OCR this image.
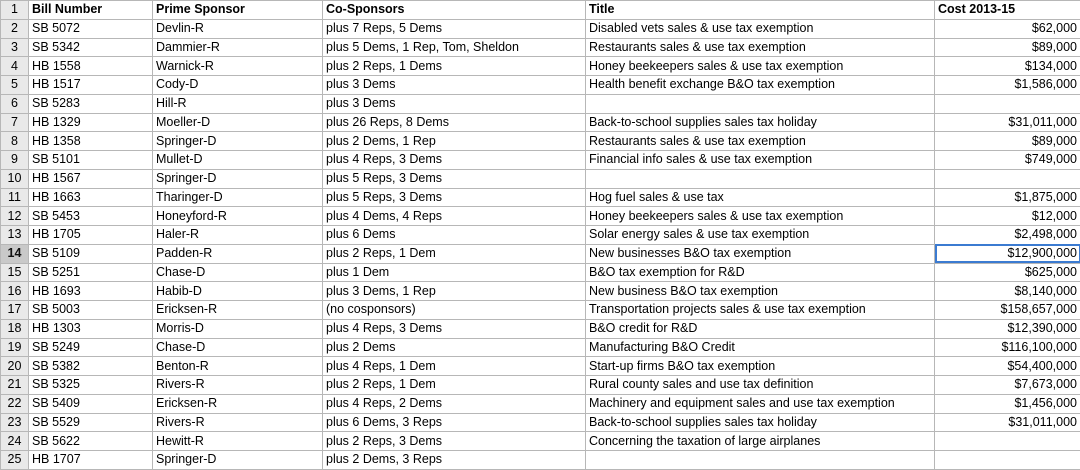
1	Bill Number	Prime Sponsor	Co-Sponsors	Title	Cost 2013-15
2	SB 5072	Devlin-R	plus 7 Reps, 5 Dems	Disabled vets sales & use tax exemption	$62,000
3	SB 5342	Dammier-R	plus 5 Dems, 1 Rep, Tom, Sheldon	Restaurants sales & use tax exemption	$89,000
4	HB 1558	Warnick-R	plus 2 Reps, 1 Dems	Honey beekeepers sales & use tax exemption	$134,000
5	HB 1517	Cody-D	plus 3 Dems	Health benefit exchange B&O tax exemption	$1,586,000
6	SB 5283	Hill-R	plus 3 Dems		
7	HB 1329	Moeller-D	plus 26 Reps, 8 Dems	Back-to-school supplies sales tax holiday	$31,011,000
8	HB 1358	Springer-D	plus 2 Dems, 1 Rep	Restaurants sales & use tax exemption	$89,000
9	SB 5101	Mullet-D	plus 4 Reps, 3 Dems	Financial info sales & use tax exemption	$749,000
10	HB 1567	Springer-D	plus 5 Reps, 3 Dems		
11	HB 1663	Tharinger-D	plus 5 Reps, 3 Dems	Hog fuel sales & use tax	$1,875,000
12	SB 5453	Honeyford-R	plus 4 Dems, 4 Reps	Honey beekeepers sales & use tax exemption	$12,000
13	HB 1705	Haler-R	plus 6 Dems	Solar energy sales & use tax exemption	$2,498,000
14	SB 5109	Padden-R	plus 2 Reps, 1 Dem	New businesses B&O tax exemption	$12,900,000
15	SB 5251	Chase-D	plus 1 Dem	B&O tax exemption for R&D	$625,000
16	HB 1693	Habib-D	plus 3 Dems, 1 Rep	New business B&O tax exemption	$8,140,000
17	SB 5003	Ericksen-R	(no cosponsors)	Transportation projects sales & use tax exemption	$158,657,000
18	HB 1303	Morris-D	plus 4 Reps, 3 Dems	B&O credit for R&D	$12,390,000
19	SB 5249	Chase-D	plus 2 Dems	Manufacturing B&O Credit	$116,100,000
20	SB 5382	Benton-R	plus 4 Reps, 1 Dem	Start-up firms B&O tax exemption	$54,400,000
21	SB 5325	Rivers-R	plus 2 Reps, 1 Dem	Rural county sales and use tax definition	$7,673,000
22	SB 5409	Ericksen-R	plus 4 Reps, 2 Dems	Machinery and equipment sales and use tax exemption	$1,456,000
23	SB 5529	Rivers-R	plus 6 Dems, 3 Reps	Back-to-school supplies sales tax holiday	$31,011,000
24	SB 5622	Hewitt-R	plus 2 Reps, 3 Dems	Concerning the taxation of large airplanes	
25	HB 1707	Springer-D	plus 2 Dems, 3 Reps		
